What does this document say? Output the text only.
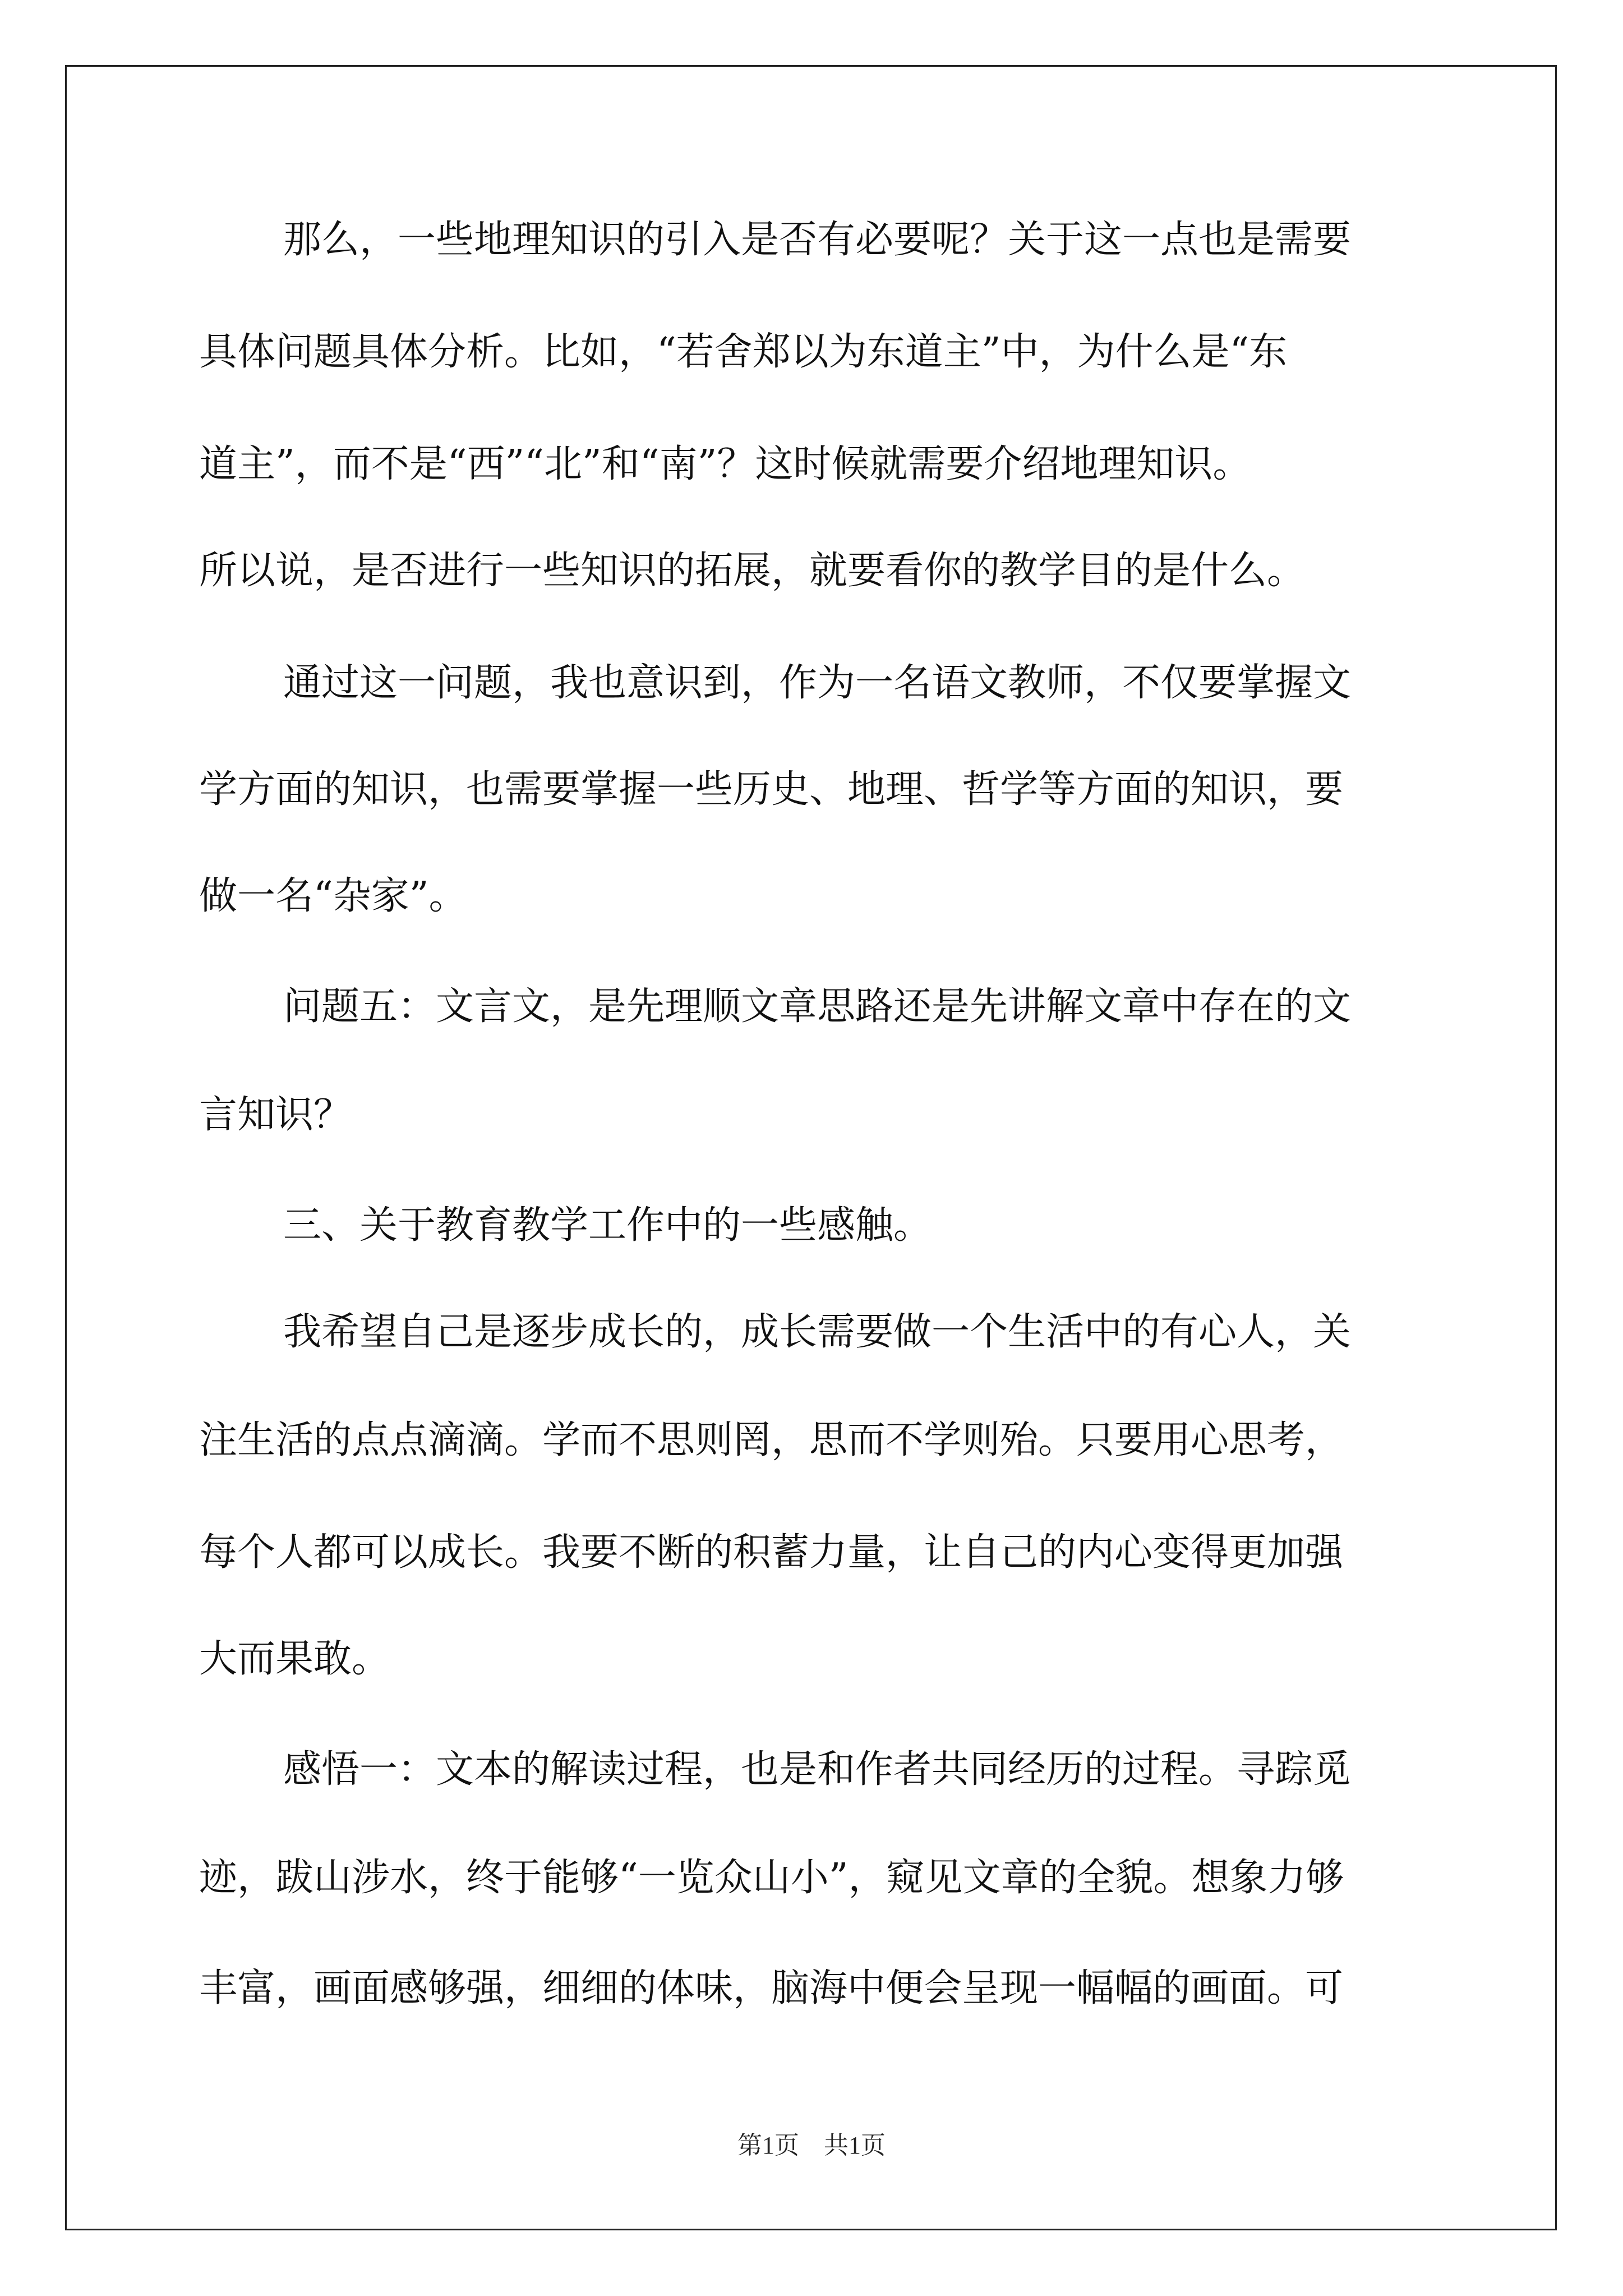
那么，一些地理知识的引入是否有必要呢？关于这一点也是需要
具体问题具体分析。比如，“若舍郑以为东道主”中，为什么是“东
道主”，而不是“西”“北”和“南”？这时候就需要介绍地理知识。
所以说，是否进行一些知识的拓展，就要看你的教学目的是什么。
通过这一问题，我也意识到，作为一名语文教师，不仅要掌握文
学方面的知识，也需要掌握一些历史、地理、哲学等方面的知识，要
做一名“杂家”。
问题五：文言文，是先理顺文章思路还是先讲解文章中存在的文
言知识？
三、关于教育教学工作中的一些感触。
我希望自己是逐步成长的，成长需要做一个生活中的有心人，关
注生活的点点滴滴。学而不思则罔，思而不学则殆。只要用心思考，
每个人都可以成长。我要不断的积蓄力量，让自己的内心变得更加强
大而果敢。
感悟一：文本的解读过程，也是和作者共同经历的过程。寻踪觅
迹，跋山涉水，终于能够“一览众山小”，窥见文章的全貌。想象力够
丰富，画面感够强，细细的体味，脑海中便会呈现一幅幅的画面。可
第1页　共1页
